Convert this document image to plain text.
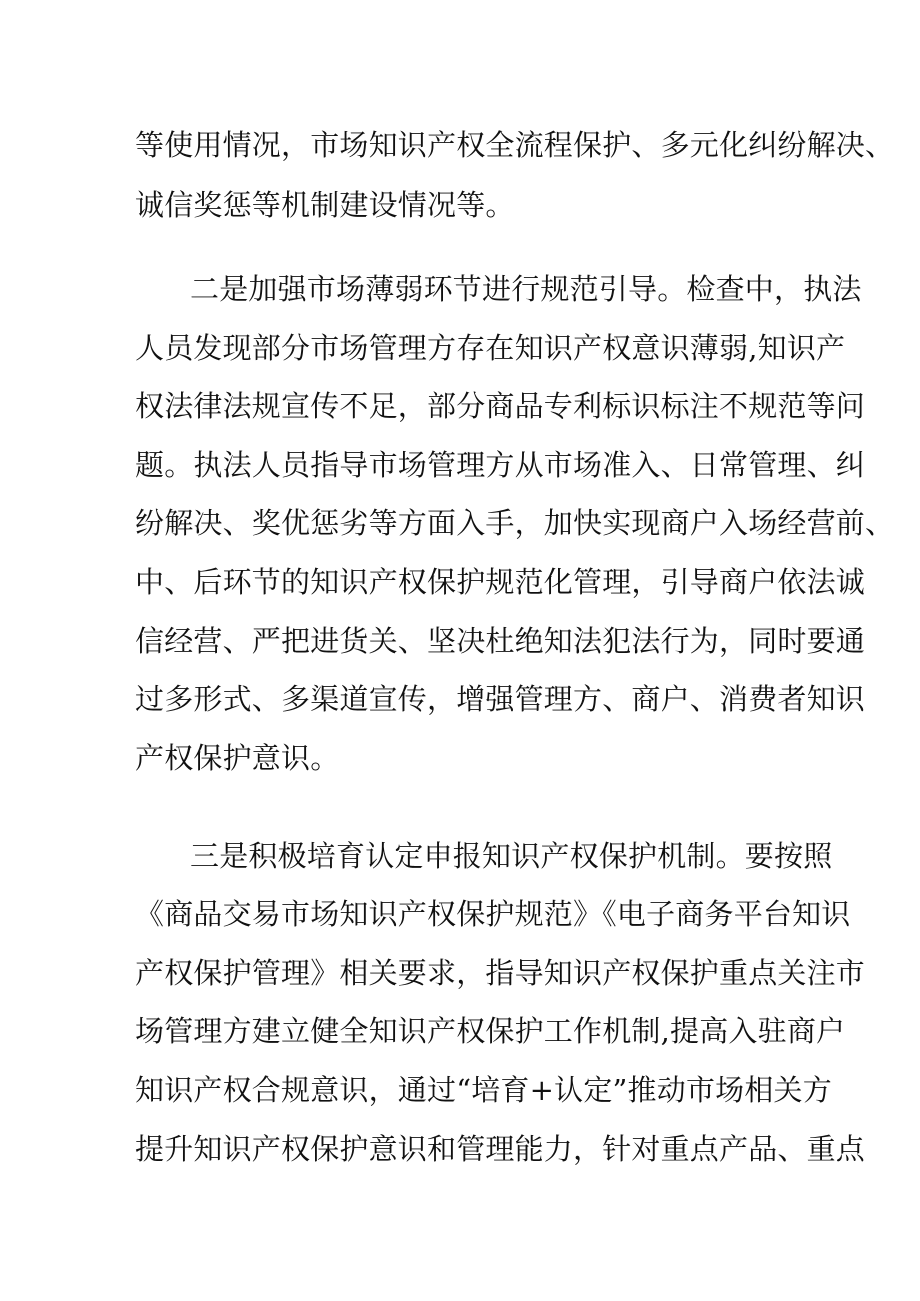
等使用情况，市场知识产权全流程保护、多元化纠纷解决、
诚信奖惩等机制建设情况等。
二是加强市场薄弱环节进行规范引导。检查中，执法
人员发现部分市场管理方存在知识产权意识薄弱,知识产
权法律法规宣传不足，部分商品专利标识标注不规范等问
题。执法人员指导市场管理方从市场准入、日常管理、纠
纷解决、奖优惩劣等方面入手，加快实现商户入场经营前、
中、后环节的知识产权保护规范化管理，引导商户依法诚
信经营、严把进货关、坚决杜绝知法犯法行为，同时要通
过多形式、多渠道宣传，增强管理方、商户、消费者知识
产权保护意识。
三是积极培育认定申报知识产权保护机制。要按照
《商品交易市场知识产权保护规范》《电子商务平台知识
产权保护管理》相关要求，指导知识产权保护重点关注市
场管理方建立健全知识产权保护工作机制,提高入驻商户
知识产权合规意识，通过“培育+认定”推动市场相关方
提升知识产权保护意识和管理能力，针对重点产品、重点
